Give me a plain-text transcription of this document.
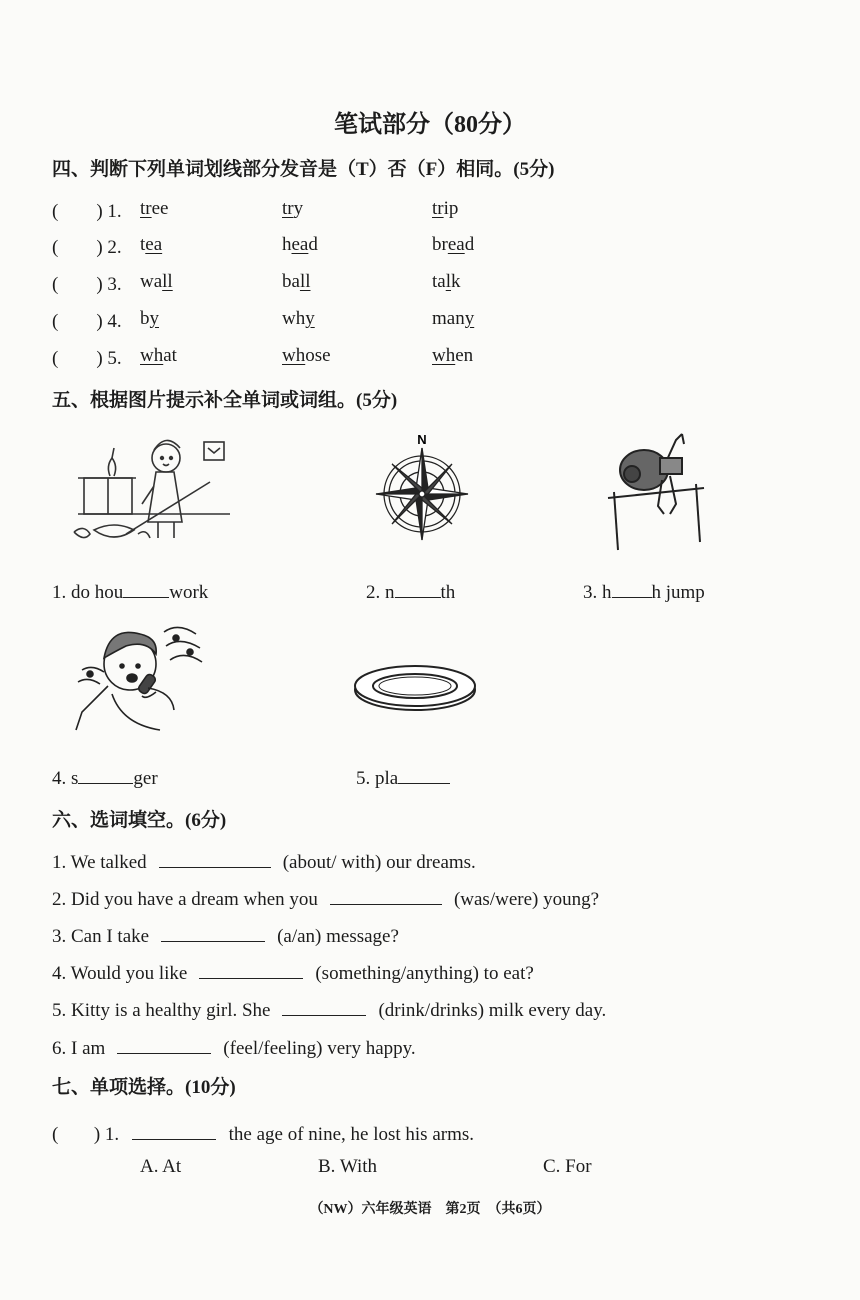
笔试部分（80分）
四、判断下列单词划线部分发音是（T）否（F）相同。(5分)
( ) 1. tree	try	trip
( ) 2. tea	head	bread
( ) 3. wall	ball	talk
( ) 4. by	why	many
( ) 5. what	whose	when
五、根据图片提示补全单词或词组。(5分)
N
1. do hou work	2. n th	3. h h jump
4. s	ger	5. pla
六、选词填空。(6分)
1. We talked	(about/ with) our dreams.
2. Did you have a dream when you	(was/were) young?
3. Can I take	(a/an) message?
4. Would you like	(something/anything) to eat?
5. Kitty is a healthy girl. She	(drink/drinks) milk every day.
6. I am	(feel/feeling) very happy.
七、单项选择。(10分)
( ) 1.	the age of nine, he lost his arms.
A. At	B. With	C. For
（NW）六年级英语　第2页　（共6页）
